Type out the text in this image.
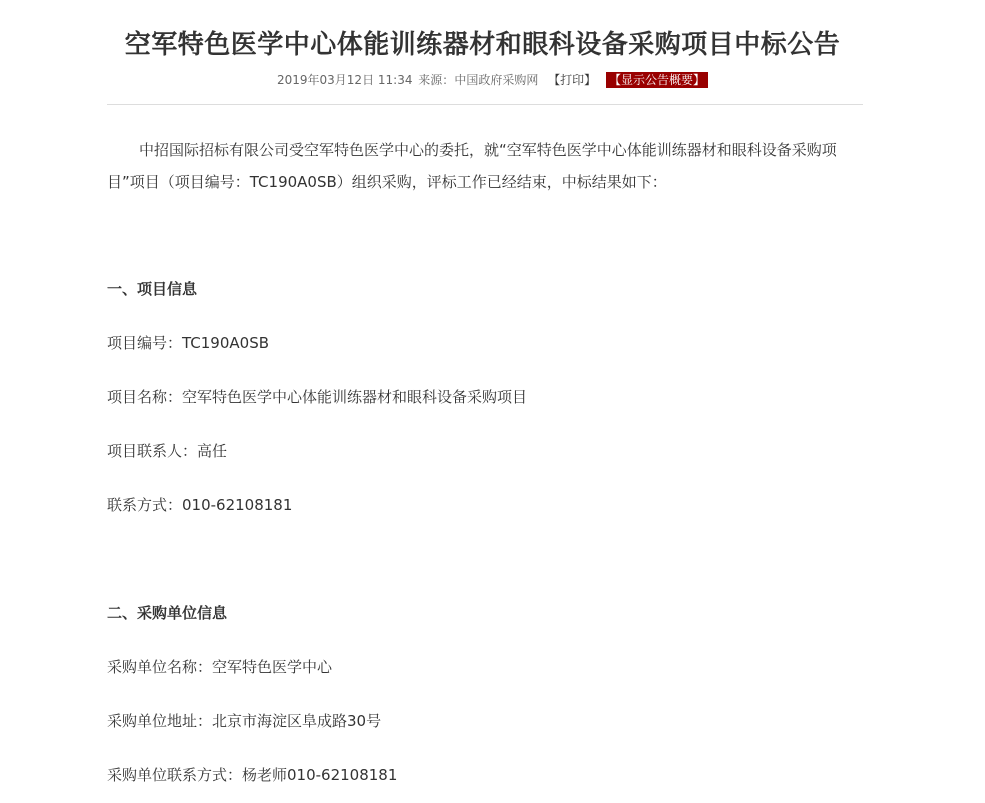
空军特色医学中心体能训练器材和眼科设备采购项目中标公告
2019年03月12日 11:34 来源：中国政府采购网 【打印】 【显示公告概要】

中招国际招标有限公司受空军特色医学中心的委托，就“空军特色医学中心体能训练器材和眼科设备采购项目”项目（项目编号：TC190A0SB）组织采购，评标工作已经结束，中标结果如下：

一、项目信息

项目编号：TC190A0SB

项目名称：空军特色医学中心体能训练器材和眼科设备采购项目

项目联系人：高任

联系方式：010-62108181

二、采购单位信息

采购单位名称：空军特色医学中心

采购单位地址：北京市海淀区阜成路30号

采购单位联系方式：杨老师010-62108181
